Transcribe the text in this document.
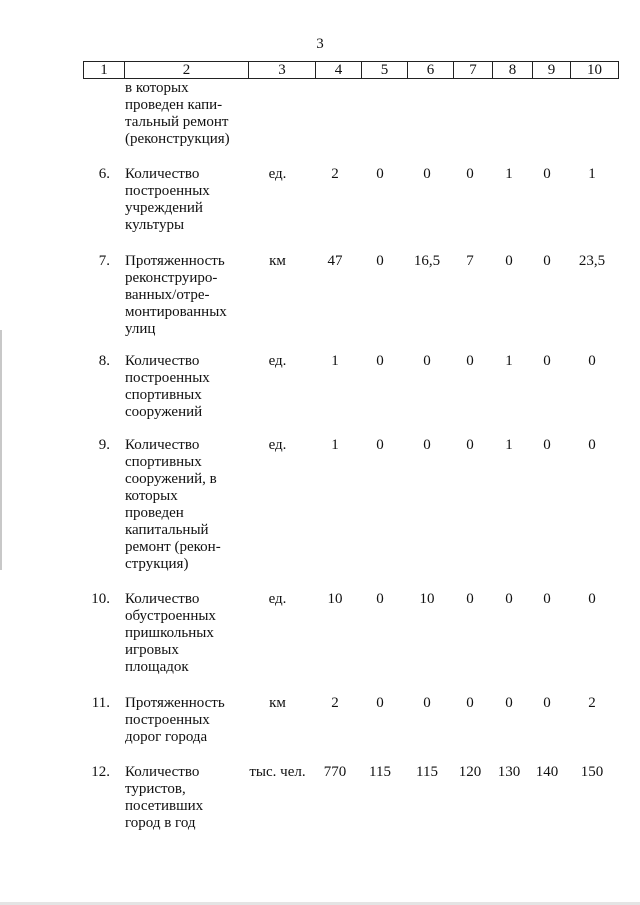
3
1	2	3	4	5	6	7	8	9	10
в которых
проведен капи-
тальный ремонт
(реконструкция)
6. Количество
построенных
учреждений
культуры
ед.	2	0	0	0	1	0	1
7. Протяженность
реконструиро-
ванных/отре-
монтированных
улиц
км	47	0	16,5	7	0	0	23,5
8. Количество
построенных
спортивных
сооружений
ед.	1	0	0	0	1	0	0
9. Количество
спортивных
сооружений, в
которых
проведен
капитальный
ремонт (рекон-
струкция)
ед.	1	0	0	0	1	0	0
10. Количество
обустроенных
пришкольных
игровых
площадок
ед.	10	0	10	0	0	0	0
11. Протяженность
построенных
дорог города
км	2	0	0	0	0	0	2
12. Количество
туристов,
посетивших
город в год
тыс. чел.	770	115	115	120	130	140	150
